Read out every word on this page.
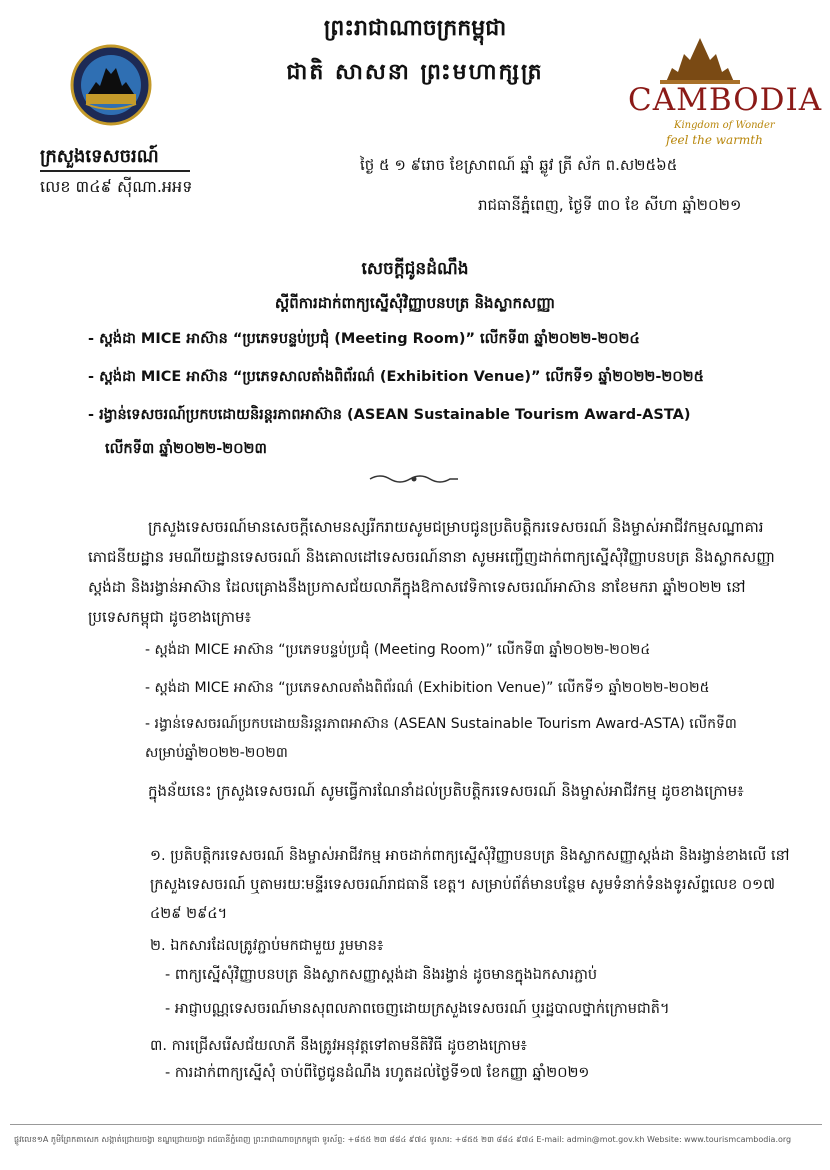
ព្រះរាជាណាចក្រកម្ពុជា
ជាតិ សាសនា ព្រះមហាក្សត្រ
CAMBODIA
Kingdom of Wonder
feel the warmth
ក្រសួងទេសចរណ៍
លេខ ៣៤៩ ស៊ីណា.អអទ
ថ្ងៃ ៥ ១ ៩រោច ខែស្រាពណ៍ ឆ្នាំ ឆ្លូវ ត្រី ស័ក ព.ស២៥៦៥
រាជធានីភ្នំពេញ, ថ្ងៃទី ៣០ ខែ សីហា ឆ្នាំ២០២១
សេចក្ដីជូនដំណឹង
ស្ដីពីការដាក់ពាក្យស្នើសុំវិញ្ញាបនបត្រ និងស្លាកសញ្ញា
- ស្តង់ដា MICE អាស៊ាន “ប្រភេទបន្ទប់ប្រជុំ (Meeting Room)” លើកទី៣ ឆ្នាំ២០២២-២០២៤
- ស្តង់ដា MICE អាស៊ាន “ប្រភេទសាលតាំងពិព័រណ៌ (Exhibition Venue)” លើកទី១ ឆ្នាំ២០២២-២០២៥
- រង្វាន់ទេសចរណ៍ប្រកបដោយនិរន្តរភាពអាស៊ាន (ASEAN Sustainable Tourism Award-ASTA)
លើកទី៣ ឆ្នាំ២០២២-២០២៣
ក្រសួងទេសចរណ៍មានសេចក្តីសោមនស្សរីករាយសូមជម្រាបជូនប្រតិបត្តិករទេសចរណ៍ និងម្ចាស់អាជីវកម្មសណ្ឋាគារ ភោជនីយដ្ឋាន រមណីយដ្ឋានទេសចរណ៍ និងគោលដៅទេសចរណ៍នានា សូមអញ្ជើញដាក់ពាក្យស្នើសុំវិញ្ញាបនបត្រ និងស្លាកសញ្ញាស្តង់ដា និងរង្វាន់អាស៊ាន ដែលគ្រោងនឹងប្រកាសជ័យលាភីក្នុងឱកាសវេទិកាទេសចរណ៍អាស៊ាន នាខែមករា ឆ្នាំ២០២២ នៅប្រទេសកម្ពុជា ដូចខាងក្រោម៖
- ស្តង់ដា MICE អាស៊ាន “ប្រភេទបន្ទប់ប្រជុំ (Meeting Room)” លើកទី៣ ឆ្នាំ២០២២-២០២៤
- ស្តង់ដា MICE អាស៊ាន “ប្រភេទសាលតាំងពិព័រណ៌ (Exhibition Venue)” លើកទី១ ឆ្នាំ២០២២-២០២៥
- រង្វាន់ទេសចរណ៍ប្រកបដោយនិរន្តរភាពអាស៊ាន (ASEAN Sustainable Tourism Award-ASTA) លើកទី៣ សម្រាប់ឆ្នាំ២០២២-២០២៣
ក្នុងន័យនេះ ក្រសួងទេសចរណ៍ សូមធ្វើការណែនាំដល់ប្រតិបត្តិករទេសចរណ៍ និងម្ចាស់អាជីវកម្ម ដូចខាងក្រោម៖
១. ប្រតិបត្តិករទេសចរណ៍ និងម្ចាស់អាជីវកម្ម អាចដាក់ពាក្យស្នើសុំវិញ្ញាបនបត្រ និងស្លាកសញ្ញាស្តង់ដា និងរង្វាន់ខាងលើ នៅក្រសួងទេសចរណ៍ ឬតាមរយៈមន្ទីរទេសចរណ៍រាជធានី ខេត្ត។ សម្រាប់ព័ត៌មានបន្ថែម សូមទំនាក់ទំនងទូរស័ព្ទលេខ ០១៧ ៤២៩ ២៩៤។
២. ឯកសារដែលត្រូវភ្ជាប់មកជាមួយ រួមមាន៖
- ពាក្យស្នើសុំវិញ្ញាបនបត្រ និងស្លាកសញ្ញាស្តង់ដា និងរង្វាន់ ដូចមានក្នុងឯកសារភ្ជាប់
- អាជ្ញាបណ្ណទេសចរណ៍មានសុពលភាពចេញដោយក្រសួងទេសចរណ៍ ឬរដ្ឋបាលថ្នាក់ក្រោមជាតិ។
៣. ការជ្រើសរើសជ័យលាភី នឹងត្រូវអនុវត្តទៅតាមនីតិវិធី ដូចខាងក្រោម៖
- ការដាក់ពាក្យស្នើសុំ ចាប់ពីថ្ងៃជូនដំណឹង រហូតដល់ថ្ងៃទី១៧ ខែកញ្ញា ឆ្នាំ២០២១
ផ្លូវលេខ១A ភូមិព្រែកតាសេក សង្កាត់ជ្រោយចង្វា ខណ្ឌជ្រោយចង្វា រាជធានីភ្នំពេញ ព្រះរាជាណាចក្រកម្ពុជា ទូរស័ព្ទ: +៨៥៥ ២៣ ៨៨៤ ៩៧៤ ទូរសារ: +៨៥៥ ២៣ ៨៨៤ ៩៧៤ E-mail: admin@mot.gov.kh Website: www.tourismcambodia.org
